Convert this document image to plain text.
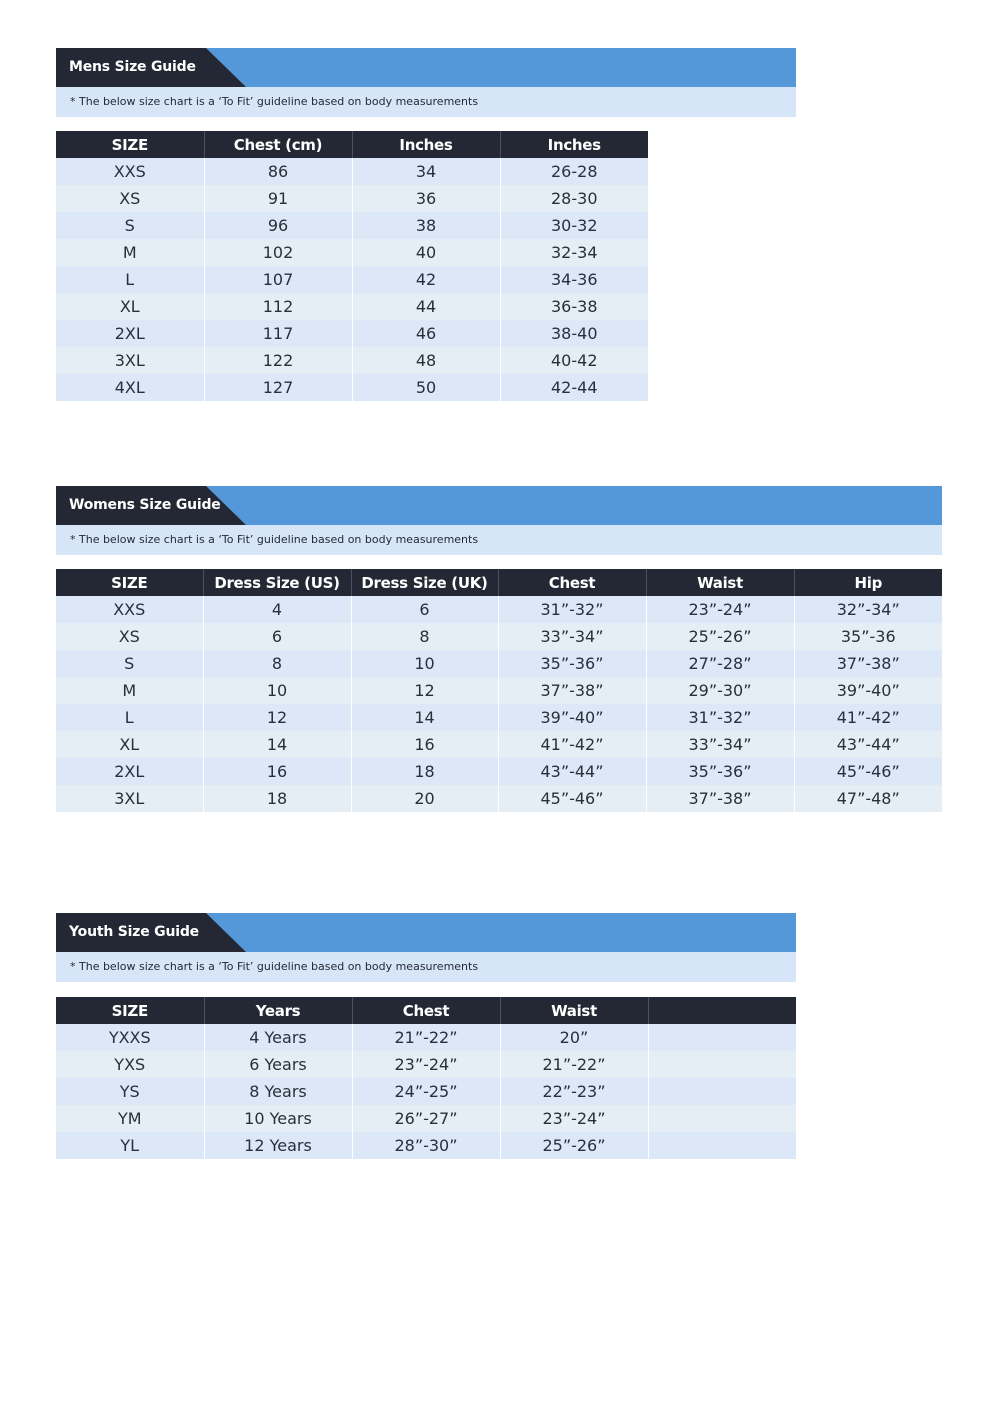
Mens Size Guide
* The below size chart is a ‘To Fit’ guideline based on body measurements
SIZE	Chest (cm)	Inches	Inches
XXS	86	34	26-28
XS	91	36	28-30
S	96	38	30-32
M	102	40	32-34
L	107	42	34-36
XL	112	44	36-38
2XL	117	46	38-40
3XL	122	48	40-42
4XL	127	50	42-44
Womens Size Guide
* The below size chart is a ‘To Fit’ guideline based on body measurements
SIZE	Dress Size (US)	Dress Size (UK)	Chest	Waist	Hip
XXS	4	6	31”-32”	23”-24”	32”-34”
XS	6	8	33”-34”	25”-26”	35”-36
S	8	10	35”-36”	27”-28”	37”-38”
M	10	12	37”-38”	29”-30”	39”-40”
L	12	14	39”-40”	31”-32”	41”-42”
XL	14	16	41”-42”	33”-34”	43”-44”
2XL	16	18	43”-44”	35”-36”	45”-46”
3XL	18	20	45”-46”	37”-38”	47”-48”
Youth Size Guide
* The below size chart is a ‘To Fit’ guideline based on body measurements
SIZE	Years	Chest	Waist	
YXXS	4 Years	21”-22”	20”	
YXS	6 Years	23”-24”	21”-22”	
YS	8 Years	24”-25”	22”-23”	
YM	10 Years	26”-27”	23”-24”	
YL	12 Years	28”-30”	25”-26”	
